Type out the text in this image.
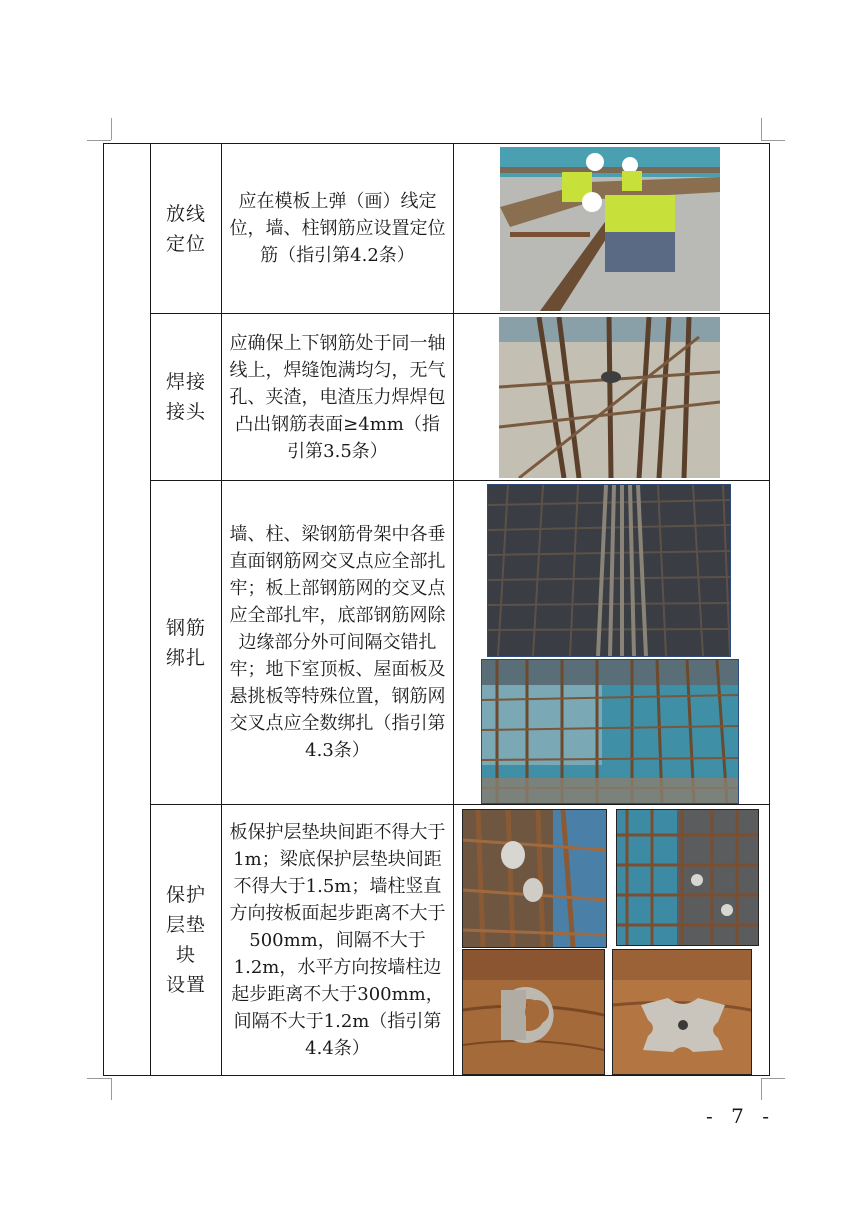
	放线
定位	应在模板上弹（画）线定位，墙、柱钢筋应设置定位筋（指引第4.2条）	

	焊接
接头	应确保上下钢筋处于同一轴线上，焊缝饱满均匀，无气孔、夹渣，电渣压力焊焊包凸出钢筋表面≥4mm（指引第3.5条）	

	钢筋
绑扎	墙、柱、梁钢筋骨架中各垂直面钢筋网交叉点应全部扎牢；板上部钢筋网的交叉点应全部扎牢，底部钢筋网除边缘部分外可间隔交错扎牢；地下室顶板、屋面板及悬挑板等特殊位置，钢筋网交叉点应全数绑扎（指引第4.3条）	

	保护
层垫
块
设置	板保护层垫块间距不得大于1m；梁底保护层垫块间距不得大于1.5m；墙柱竖直方向按板面起步距离不大于500mm，间隔不大于1.2m，水平方向按墙柱边起步距离不大于300mm，间隔不大于1.2m（指引第4.4条）	
- 7 -
